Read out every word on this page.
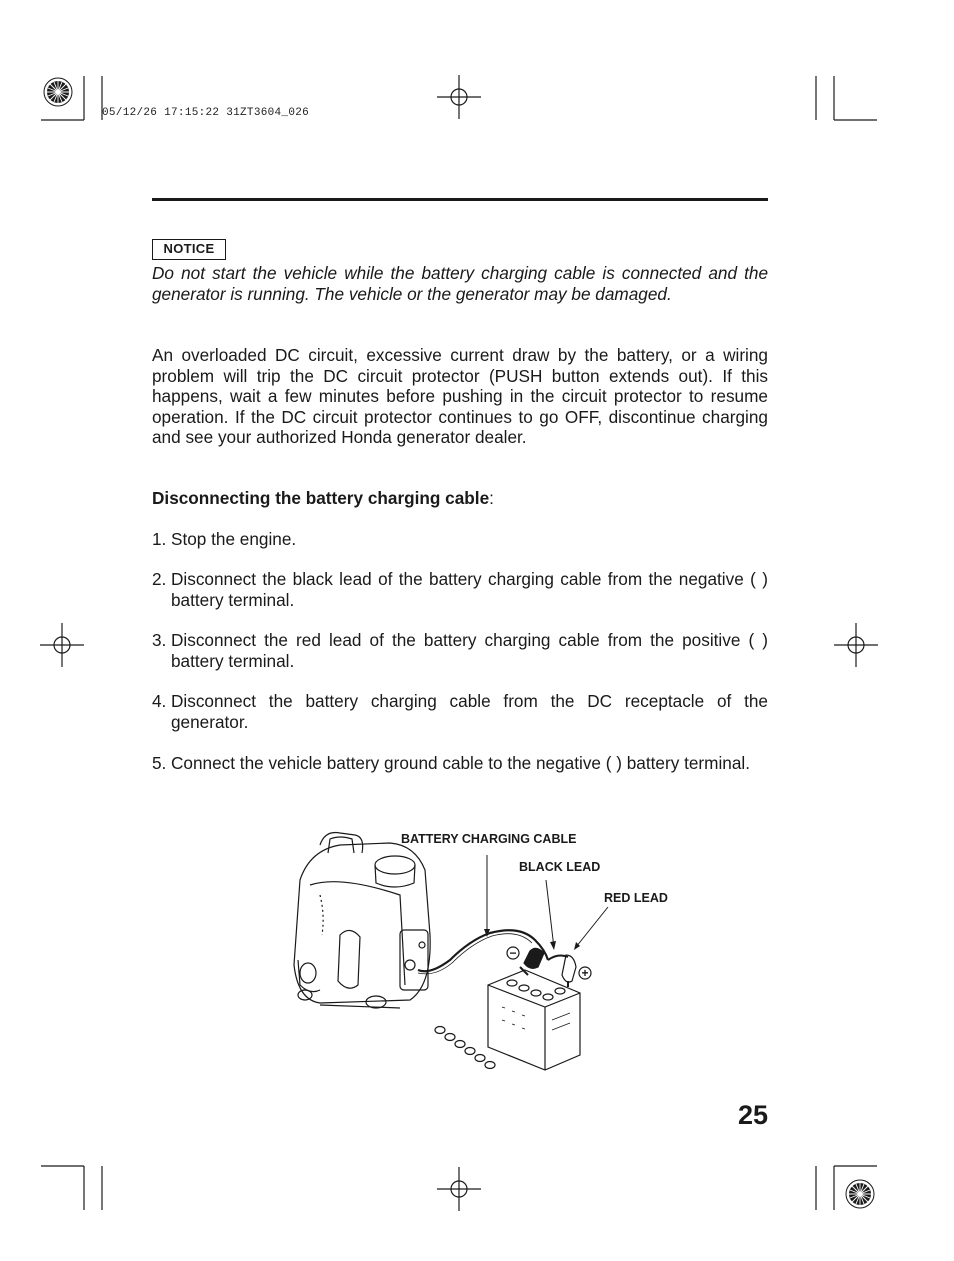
05/12/26 17:15:22 31ZT3604_026
NOTICE
Do not start the vehicle while the battery charging cable is connected and the generator is running. The vehicle or the generator may be damaged.
An overloaded DC circuit, excessive current draw by the battery, or a wiring problem will trip the DC circuit protector (PUSH button extends out). If this happens, wait a few minutes before pushing in the circuit protector to resume operation. If the DC circuit protector continues to go OFF, discontinue charging and see your authorized Honda generator dealer.
Disconnecting the battery charging cable:
1. Stop the engine.
2. Disconnect the black lead of the battery charging cable from the negative ( ) battery terminal.
3. Disconnect the red lead of the battery charging cable from the positive ( ) battery terminal.
4. Disconnect the battery charging cable from the DC receptacle of the generator.
5. Connect the vehicle battery ground cable to the negative ( ) battery terminal.
−
+
BATTERY CHARGING CABLE
BLACK LEAD
RED LEAD
25
